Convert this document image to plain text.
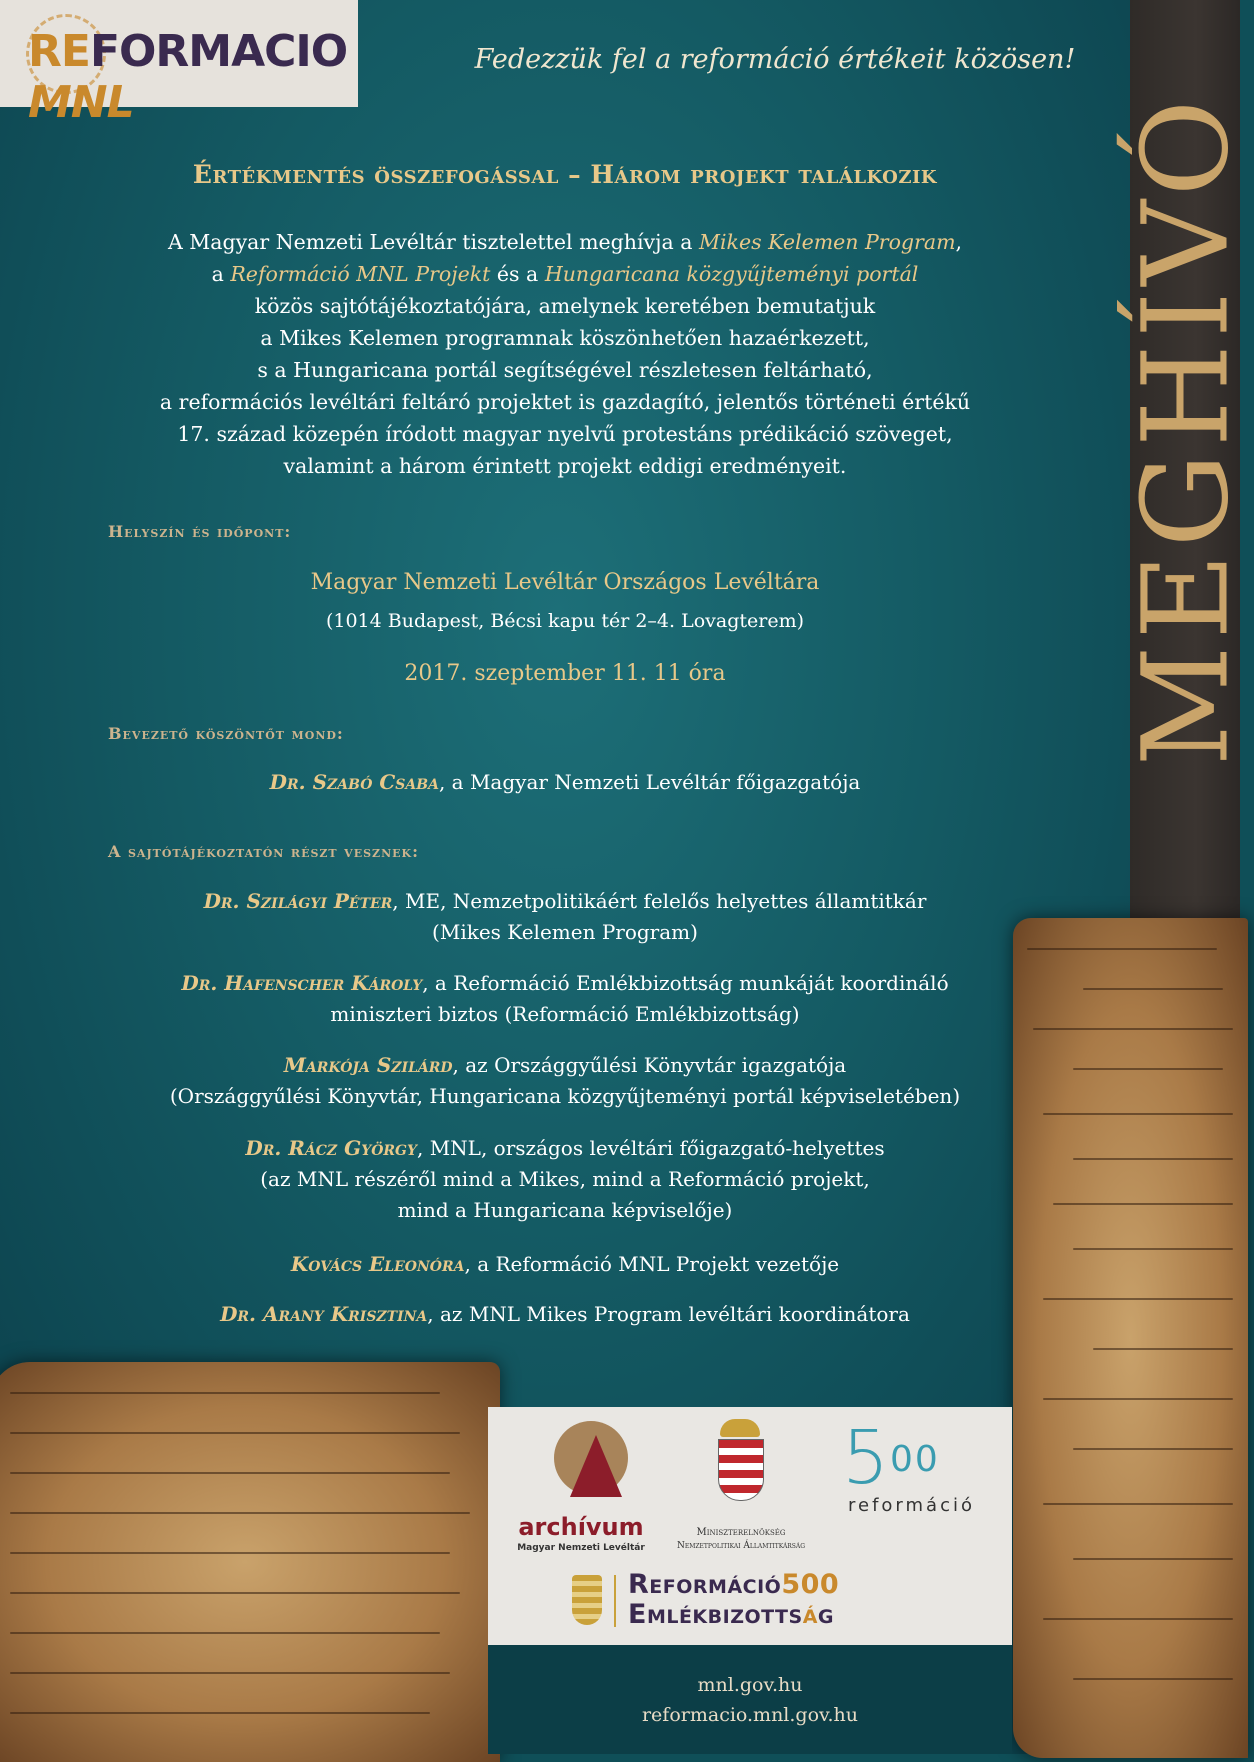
MEGHÍVÓ
REFORMACIO MNL
Fedezzük fel a reformáció értékeit közösen!
Értékmentés összefogással – Három projekt találkozik
A Magyar Nemzeti Levéltár tisztelettel meghívja a Mikes Kelemen Program,
a Reformáció MNL Projekt és a Hungaricana közgyűjteményi portál
közös sajtótájékoztatójára, amelynek keretében bemutatjuk
a Mikes Kelemen programnak köszönhetően hazaérkezett,
s a Hungaricana portál segítségével részletesen feltárható,
a reformációs levéltári feltáró projektet is gazdagító, jelentős történeti értékű
17. század közepén íródott magyar nyelvű protestáns prédikáció szöveget,
valamint a három érintett projekt eddigi eredményeit.
Helyszín és időpont:
Magyar Nemzeti Levéltár Országos Levéltára
(1014 Budapest, Bécsi kapu tér 2–4. Lovagterem)
2017. szeptember 11. 11 óra
Bevezető köszöntőt mond:
Dr. Szabó Csaba, a Magyar Nemzeti Levéltár főigazgatója
A sajtótájékoztatón részt vesznek:
Dr. Szilágyi Péter, ME, Nemzetpolitikáért felelős helyettes államtitkár
(Mikes Kelemen Program)
Dr. Hafenscher Károly, a Reformáció Emlékbizottság munkáját koordináló
miniszteri biztos (Reformáció Emlékbizottság)
Markója Szilárd, az Országgyűlési Könyvtár igazgatója
(Országgyűlési Könyvtár, Hungaricana közgyűjteményi portál képviseletében)
Dr. Rácz György, MNL, országos levéltári főigazgató-helyettes
(az MNL részéről mind a Mikes, mind a Reformáció projekt,
mind a Hungaricana képviselője)
Kovács Eleonóra, a Reformáció MNL Projekt vezetője
Dr. Arany Krisztina, az MNL Mikes Program levéltári koordinátora
archívum
Magyar Nemzeti Levéltár
Miniszterelnökség
Nemzetpolitikai Államtitkárság
5 00
reformáció
Reformáció500
Emlékbizottság
mnl.gov.hu
reformacio.mnl.gov.hu
